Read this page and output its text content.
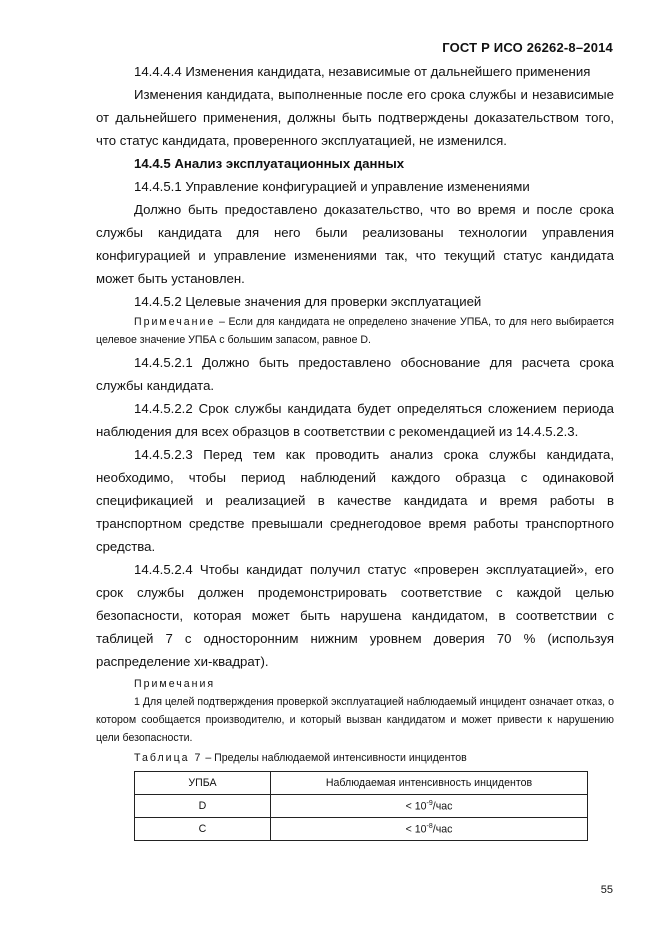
ГОСТ Р ИСО 26262-8–2014

14.4.4.4 Изменения кандидата, независимые от дальнейшего применения

Изменения кандидата, выполненные после его срока службы и независимые от дальнейшего применения, должны быть подтверждены доказательством того, что статус кандидата, проверенного эксплуатацией, не изменился.

14.4.5 Анализ эксплуатационных данных

14.4.5.1 Управление конфигурацией и управление изменениями

Должно быть предоставлено доказательство, что во время и после срока службы кандидата для него были реализованы технологии управления конфигурацией и управление изменениями так, что текущий статус кандидата может быть установлен.

14.4.5.2 Целевые значения для проверки эксплуатацией

Примечание – Если для кандидата не определено значение УПБА, то для него выбирается целевое значение УПБА с большим запасом, равное D.

14.4.5.2.1 Должно быть предоставлено обоснование для расчета срока службы кандидата.

14.4.5.2.2 Срок службы кандидата будет определяться сложением периода наблюдения для всех образцов в соответствии с рекомендацией из 14.4.5.2.3.

14.4.5.2.3 Перед тем как проводить анализ срока службы кандидата, необходимо, чтобы период наблюдений каждого образца с одинаковой спецификацией и реализацией в качестве кандидата и время работы в транспортном средстве превышали среднегодовое время работы транспортного средства.

14.4.5.2.4 Чтобы кандидат получил статус «проверен эксплуатацией», его срок службы должен продемонстрировать соответствие с каждой целью безопасности, которая может быть нарушена кандидатом, в соответствии с таблицей 7 с односторонним нижним уровнем доверия 70 % (используя распределение хи-квадрат).

Примечания

1 Для целей подтверждения проверкой эксплуатацией наблюдаемый инцидент означает отказ, о котором сообщается производителю, и который вызван кандидатом и может привести к нарушению цели безопасности.

Таблица 7 – Пределы наблюдаемой интенсивности инцидентов

УПБА	Наблюдаемая интенсивность инцидентов
D	< $10^{-9}$/час
C	< $10^{-8}$/час
55
